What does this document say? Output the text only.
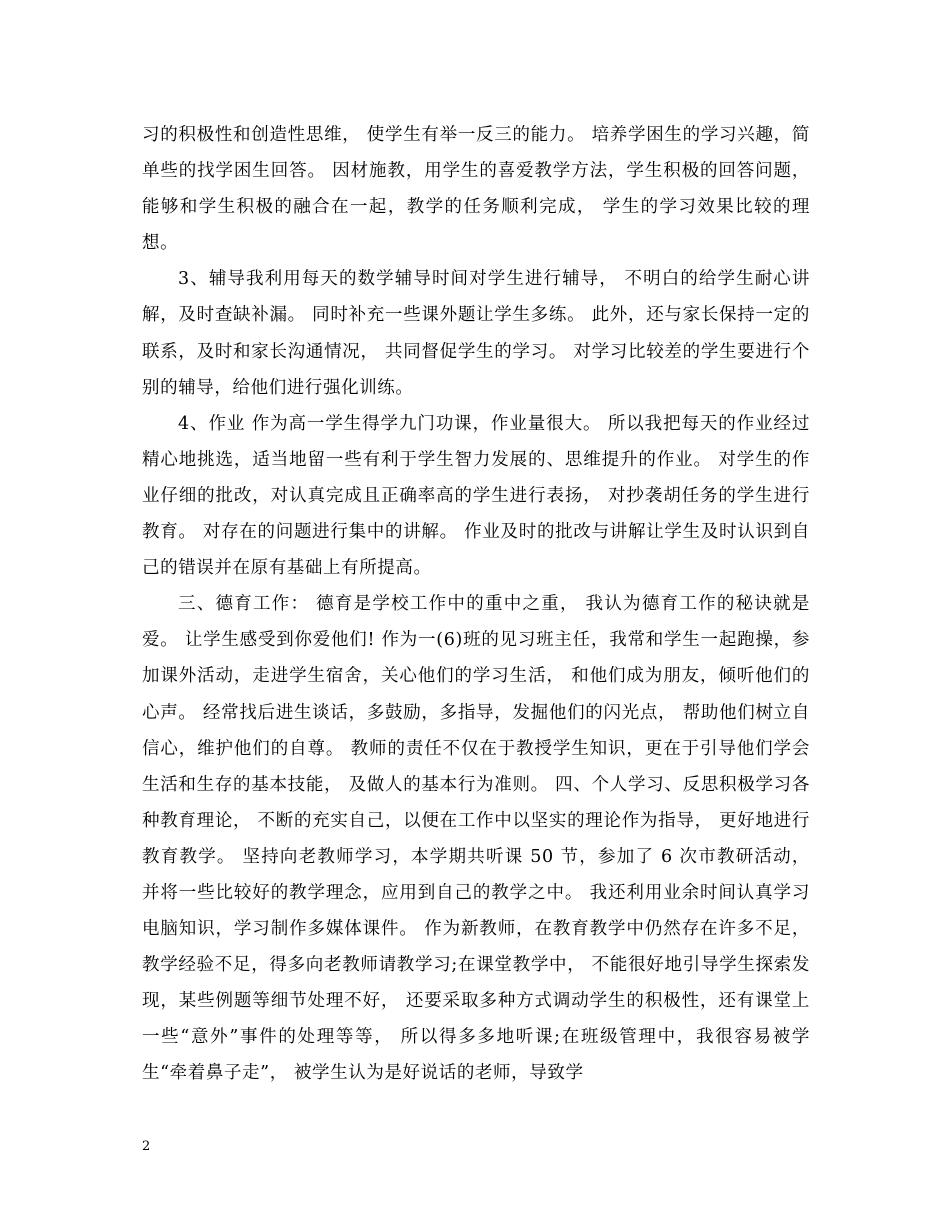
习的积极性和创造性思维， 使学生有举一反三的能力。 培养学困生的学习兴趣，简单些的找学困生回答。 因材施教，用学生的喜爱教学方法，学生积极的回答问题， 能够和学生积极的融合在一起，教学的任务顺利完成， 学生的学习效果比较的理想。

3、辅导我利用每天的数学辅导时间对学生进行辅导， 不明白的给学生耐心讲解，及时查缺补漏。 同时补充一些课外题让学生多练。 此外，还与家长保持一定的联系，及时和家长沟通情况， 共同督促学生的学习。 对学习比较差的学生要进行个别的辅导，给他们进行强化训练。

4、作业 作为高一学生得学九门功课，作业量很大。 所以我把每天的作业经过精心地挑选，适当地留一些有利于学生智力发展的、思维提升的作业。 对学生的作业仔细的批改，对认真完成且正确率高的学生进行表扬， 对抄袭胡任务的学生进行教育。 对存在的问题进行集中的讲解。 作业及时的批改与讲解让学生及时认识到自己的错误并在原有基础上有所提高。

三、德育工作： 德育是学校工作中的重中之重， 我认为德育工作的秘诀就是爱。 让学生感受到你爱他们! 作为一(6)班的见习班主任，我常和学生一起跑操，参加课外活动，走进学生宿舍，关心他们的学习生活， 和他们成为朋友，倾听他们的心声。 经常找后进生谈话，多鼓励，多指导，发掘他们的闪光点， 帮助他们树立自信心，维护他们的自尊。 教师的责任不仅在于教授学生知识，更在于引导他们学会生活和生存的基本技能， 及做人的基本行为准则。 四、个人学习、反思积极学习各种教育理论， 不断的充实自己，以便在工作中以坚实的理论作为指导， 更好地进行教育教学。 坚持向老教师学习，本学期共听课 50 节，参加了 6 次市教研活动， 并将一些比较好的教学理念，应用到自己的教学之中。 我还利用业余时间认真学习电脑知识，学习制作多媒体课件。 作为新教师，在教育教学中仍然存在许多不足， 教学经验不足，得多向老教师请教学习;在课堂教学中， 不能很好地引导学生探索发现，某些例题等细节处理不好， 还要采取多种方式调动学生的积极性，还有课堂上一些“意外”事件的处理等等， 所以得多多地听课;在班级管理中，我很容易被学生“牵着鼻子走”， 被学生认为是好说话的老师，导致学

2
